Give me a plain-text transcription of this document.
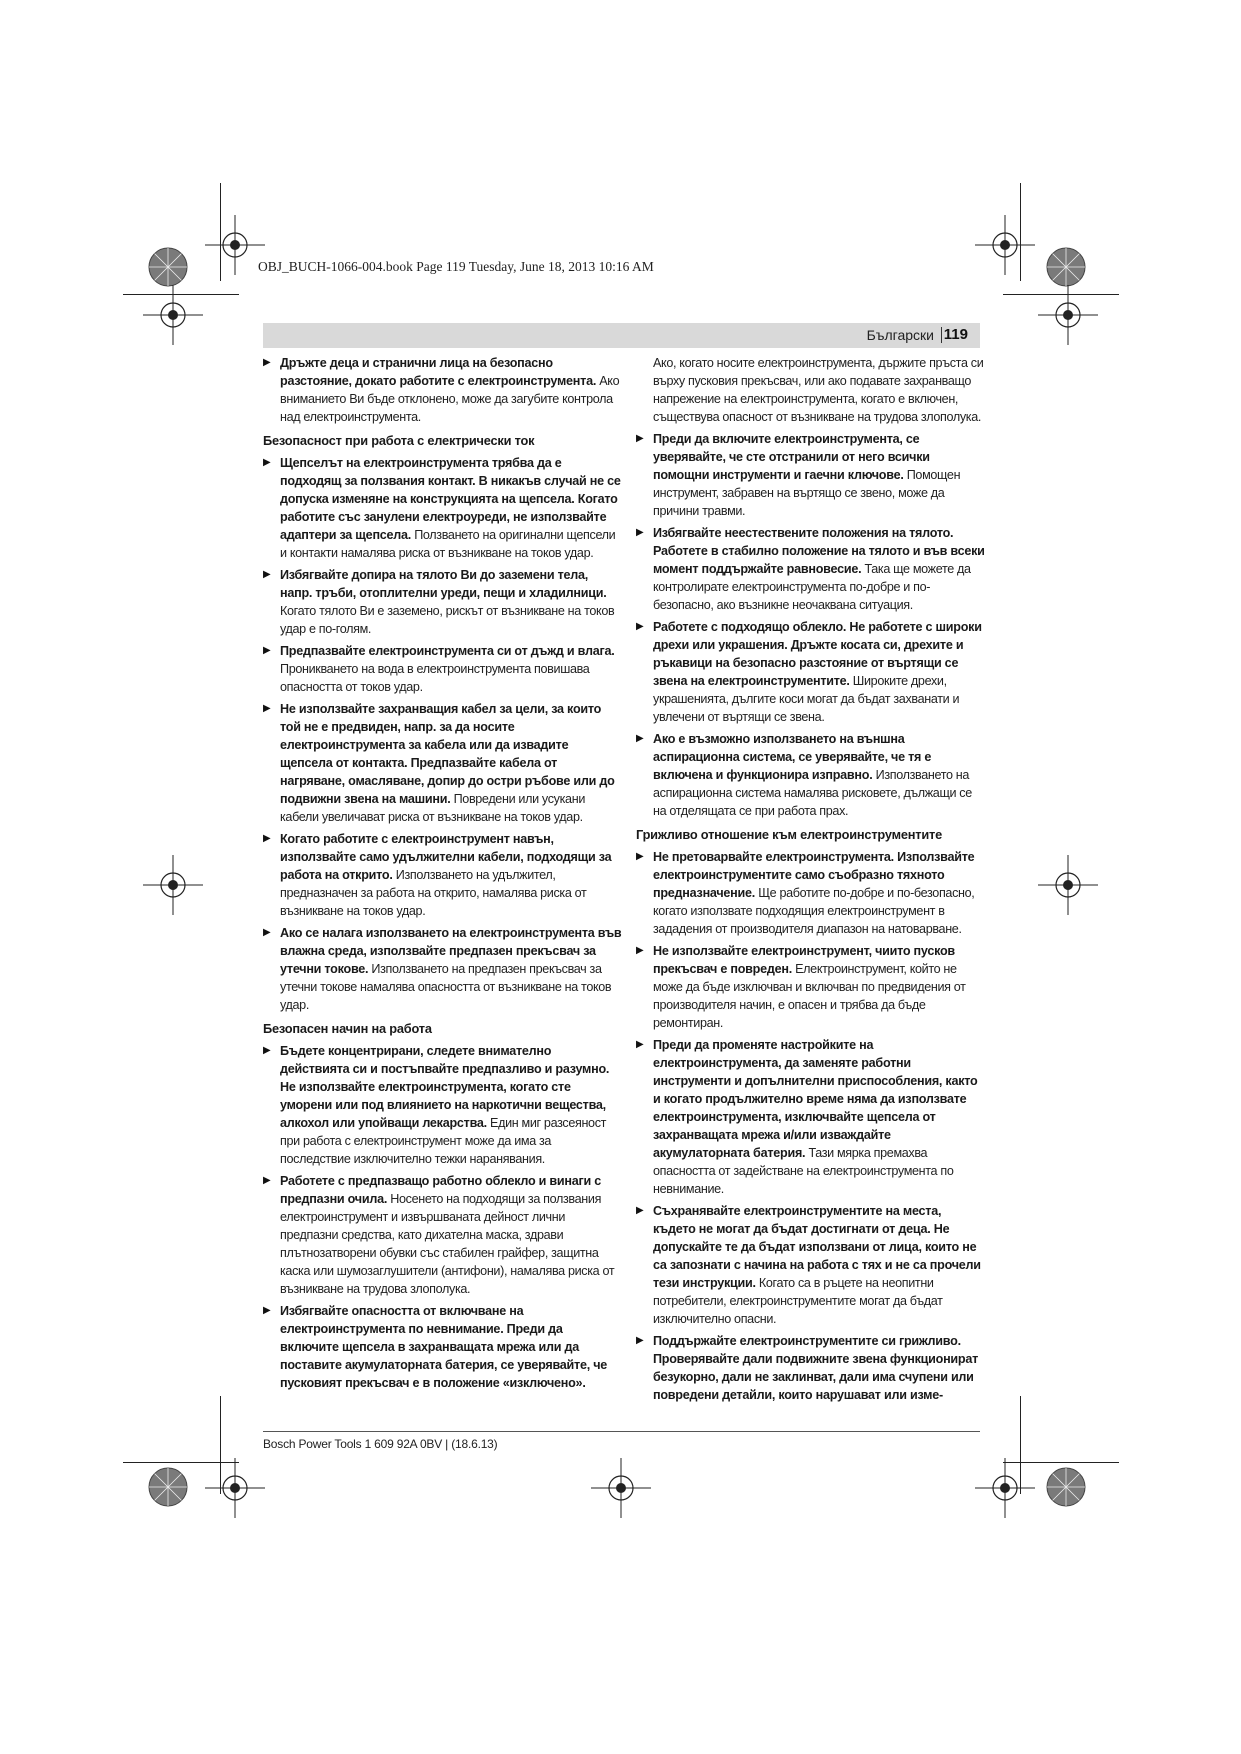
OBJ_BUCH-1066-004.book Page 119 Tuesday, June 18, 2013 10:16 AM
Български 119
▶ Дръжте деца и странични лица на безопасно разстояние, докато работите с електроинструмента. Ако вниманието Ви бъде отклонено, може да загубите контрола над електроинструмента.
Безопасност при работа с електрически ток
▶ Щепселът на електроинструмента трябва да е подходящ за ползвания контакт. В никакъв случай не се допуска изменяне на конструкцията на щепсела. Когато работите със занулени електроуреди, не използвайте адаптери за щепсела. Ползването на оригинални щепсели и контакти намалява риска от възникване на токов удар.
▶ Избягвайте допира на тялото Ви до заземени тела, напр. тръби, отоплителни уреди, пещи и хладилници. Когато тялото Ви е заземено, рискът от възникване на токов удар е по-голям.
▶ Предпазвайте електроинструмента си от дъжд и влага. Проникването на вода в електроинструмента повишава опасността от токов удар.
▶ Не използвайте захранващия кабел за цели, за които той не е предвиден, напр. за да носите електроинструмента за кабела или да извадите щепсела от контакта. Предпазвайте кабела от нагряване, омасляване, допир до остри ръбове или до подвижни звена на машини. Повредени или усукани кабели увеличават риска от възникване на токов удар.
▶ Когато работите с електроинструмент навън, използвайте само удължителни кабели, подходящи за работа на открито. Използването на удължител, предназначен за работа на открито, намалява риска от възникване на токов удар.
▶ Ако се налага използването на електроинструмента във влажна среда, използвайте предпазен прекъсвач за утечни токове. Използването на предпазен прекъсвач за утечни токове намалява опасността от възникване на токов удар.
Безопасен начин на работа
▶ Бъдете концентрирани, следете внимателно действията си и постъпвайте предпазливо и разумно. Не използвайте електроинструмента, когато сте уморени или под влиянието на наркотични вещества, алкохол или упойващи лекарства. Един миг разсеяност при работа с електроинструмент може да има за последствие изключително тежки наранявания.
▶ Работете с предпазващо работно облекло и винаги с предпазни очила. Носенето на подходящи за ползвания електроинструмент и извършваната дейност лични предпазни средства, като дихателна маска, здрави плътнозатворени обувки със стабилен грайфер, защитна каска или шумозаглушители (антифони), намалява риска от възникване на трудова злополука.
▶ Избягвайте опасността от включване на електроинструмента по невнимание. Преди да включите щепсела в захранващата мрежа или да поставите акумулаторната батерия, се уверявайте, че пусковият прекъсвач е в положение «изключено».
Ако, когато носите електроинструмента, държите пръста си върху пусковия прекъсвач, или ако подавате захранващо напрежение на електроинструмента, когато е включен, съществува опасност от възникване на трудова злополука.
▶ Преди да включите електроинструмента, се уверявайте, че сте отстранили от него всички помощни инструменти и гаечни ключове. Помощен инструмент, забравен на въртящо се звено, може да причини травми.
▶ Избягвайте неестествените положения на тялото. Работете в стабилно положение на тялото и във всеки момент поддържайте равновесие. Така ще можете да контролирате електроинструмента по-добре и по-безопасно, ако възникне неочаквана ситуация.
▶ Работете с подходящо облекло. Не работете с широки дрехи или украшения. Дръжте косата си, дрехите и ръкавици на безопасно разстояние от въртящи се звена на електроинструментите. Широките дрехи, украшенията, дългите коси могат да бъдат захванати и увлечени от въртящи се звена.
▶ Ако е възможно използването на външна аспирационна система, се уверявайте, че тя е включена и функционира изправно. Използването на аспирационна система намалява рисковете, дължащи се на отделящата се при работа прах.
Грижливо отношение към електроинструментите
▶ Не претоварвайте електроинструмента. Използвайте електроинструментите само съобразно тяхното предназначение. Ще работите по-добре и по-безопасно, когато използвате подходящия електроинструмент в зададения от производителя диапазон на натоварване.
▶ Не използвайте електроинструмент, чиито пусков прекъсвач е повреден. Електроинструмент, който не може да бъде изключван и включван по предвидения от производителя начин, е опасен и трябва да бъде ремонтиран.
▶ Преди да променяте настройките на електроинструмента, да заменяте работни инструменти и допълнителни приспособления, както и когато продължително време няма да използвате електроинструмента, изключвайте щепсела от захранващата мрежа и/или изваждайте акумулаторната батерия. Тази мярка премахва опасността от задействане на електроинструмента по невнимание.
▶ Съхранявайте електроинструментите на места, където не могат да бъдат достигнати от деца. Не допускайте те да бъдат използвани от лица, които не са запознати с начина на работа с тях и не са прочели тези инструкции. Когато са в ръцете на неопитни потребители, електроинструментите могат да бъдат изключително опасни.
▶ Поддържайте електроинструментите си грижливо. Проверявайте дали подвижните звена функционират безукорно, дали не заклинват, дали има счупени или повредени детайли, които нарушават или изме-
Bosch Power Tools 1 609 92A 0BV | (18.6.13)
